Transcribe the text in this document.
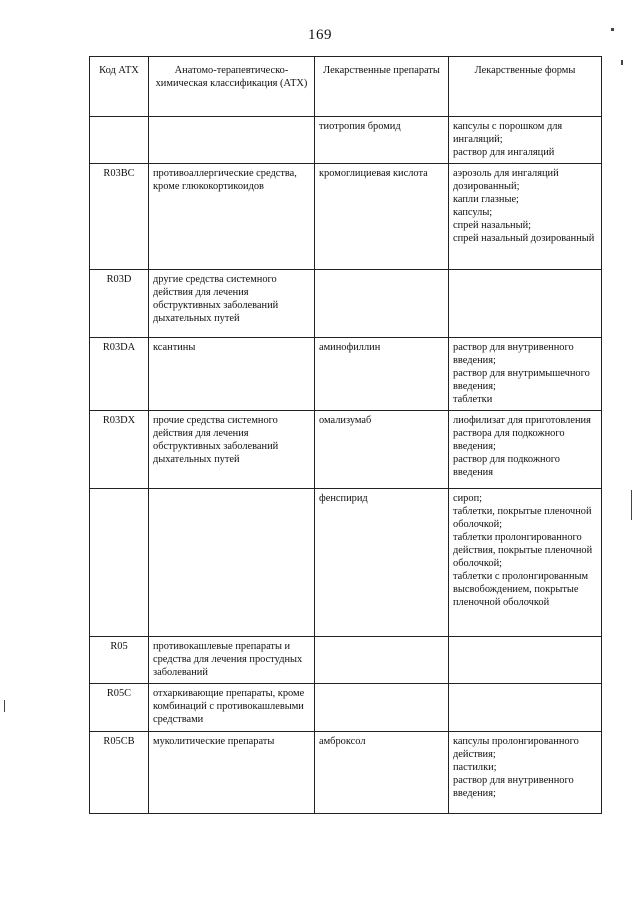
169
Код АТХ	Анатомо-терапевтическо-химическая классификация (АТХ)	Лекарственные препараты	Лекарственные формы
		тиотропия бромид	капсулы с порошком для ингаляций;
раствор для ингаляций

R03BC	противоаллергические средства, кроме глюкокортикоидов	кромоглициевая кислота	аэрозоль для ингаляций дозированный;
капли глазные;
капсулы;
спрей назальный;
спрей назальный дозированный

R03D	другие средства системного действия для лечения обструктивных заболеваний дыхательных путей		
R03DA	ксантины	аминофиллин	раствор для внутривенного введения;
раствор для внутримышечного введения;
таблетки

R03DX	прочие средства системного действия для лечения обструктивных заболеваний дыхательных путей	омализумаб	лиофилизат для приготовления раствора для подкожного введения;
раствор для подкожного введения

		фенспирид	сироп;
таблетки, покрытые пленочной оболочкой;
таблетки пролонгированного действия, покрытые пленочной оболочкой;
таблетки с пролонгированным высвобождением, покрытые пленочной оболочкой

R05	противокашлевые препараты и средства для лечения простудных заболеваний		
R05C	отхаркивающие препараты, кроме комбинаций с противокашлевыми средствами		
R05CB	муколитические препараты	амброксол	капсулы пролонгированного действия;
пастилки;
раствор для внутривенного введения;
